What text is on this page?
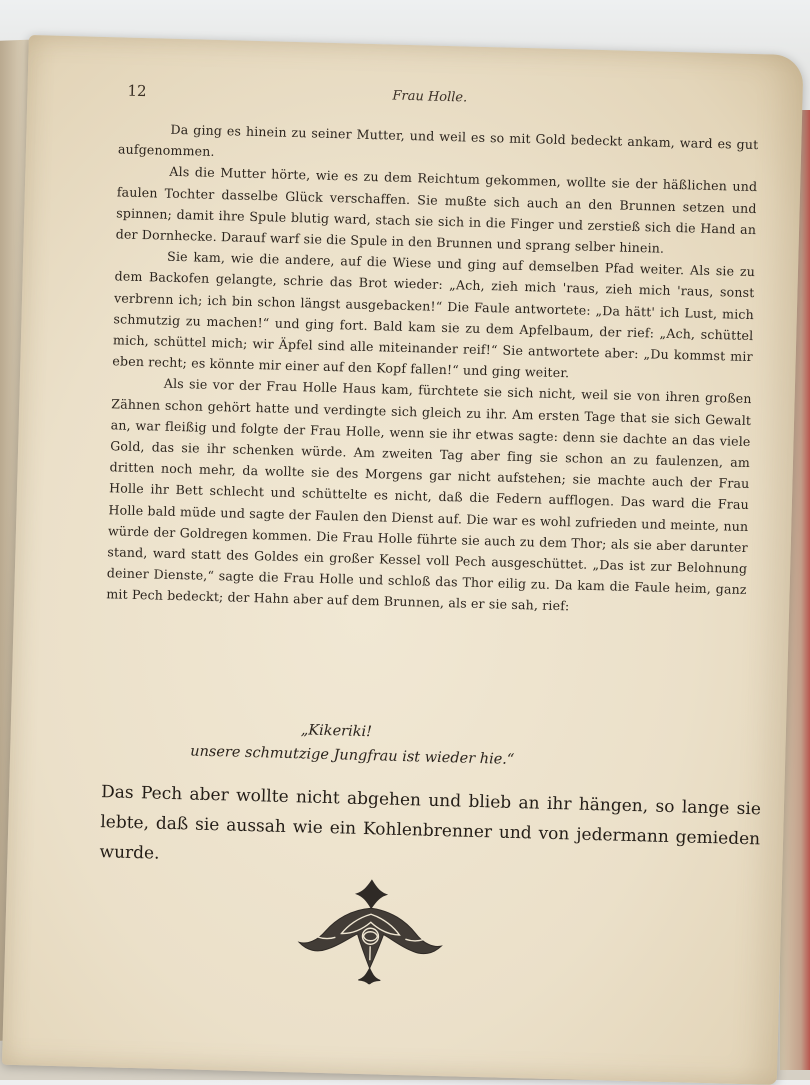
12	Frau Holle.

Da ging es hinein zu seiner Mutter, und weil es so mit Gold bedeckt ankam, ward es gut aufgenommen.

Als die Mutter hörte, wie es zu dem Reichtum gekommen, wollte sie der häßlichen und faulen Tochter dasselbe Glück verschaffen. Sie mußte sich auch an den Brunnen setzen und spinnen; damit ihre Spule blutig ward, stach sie sich in die Finger und zerstieß sich die Hand an der Dornhecke. Darauf warf sie die Spule in den Brunnen und sprang selber hinein.

Sie kam, wie die andere, auf die Wiese und ging auf demselben Pfad weiter. Als sie zu dem Backofen gelangte, schrie das Brot wieder: „Ach, zieh mich 'raus, zieh mich 'raus, sonst verbrenn ich; ich bin schon längst ausgebacken!“ Die Faule antwortete: „Da hätt' ich Lust, mich schmutzig zu machen!“ und ging fort. Bald kam sie zu dem Apfelbaum, der rief: „Ach, schüttel mich, schüttel mich; wir Äpfel sind alle miteinander reif!“ Sie antwortete aber: „Du kommst mir eben recht; es könnte mir einer auf den Kopf fallen!“ und ging weiter.

Als sie vor der Frau Holle Haus kam, fürchtete sie sich nicht, weil sie von ihren großen Zähnen schon gehört hatte und verdingte sich gleich zu ihr. Am ersten Tage that sie sich Gewalt an, war fleißig und folgte der Frau Holle, wenn sie ihr etwas sagte: denn sie dachte an das viele Gold, das sie ihr schenken würde. Am zweiten Tag aber fing sie schon an zu faulenzen, am dritten noch mehr, da wollte sie des Morgens gar nicht aufstehen; sie machte auch der Frau Holle ihr Bett schlecht und schüttelte es nicht, daß die Federn aufflogen. Das ward die Frau Holle bald müde und sagte der Faulen den Dienst auf. Die war es wohl zufrieden und meinte, nun würde der Goldregen kommen. Die Frau Holle führte sie auch zu dem Thor; als sie aber darunter stand, ward statt des Goldes ein großer Kessel voll Pech ausgeschüttet. „Das ist zur Belohnung deiner Dienste,“ sagte die Frau Holle und schloß das Thor eilig zu. Da kam die Faule heim, ganz mit Pech bedeckt; der Hahn aber auf dem Brunnen, als er sie sah, rief:

„Kikeriki!
unsere schmutzige Jungfrau ist wieder hie.“
Das Pech aber wollte nicht abgehen und blieb an ihr hängen, so lange sie lebte, daß sie aussah wie ein Kohlenbrenner und von jedermann gemieden wurde.
